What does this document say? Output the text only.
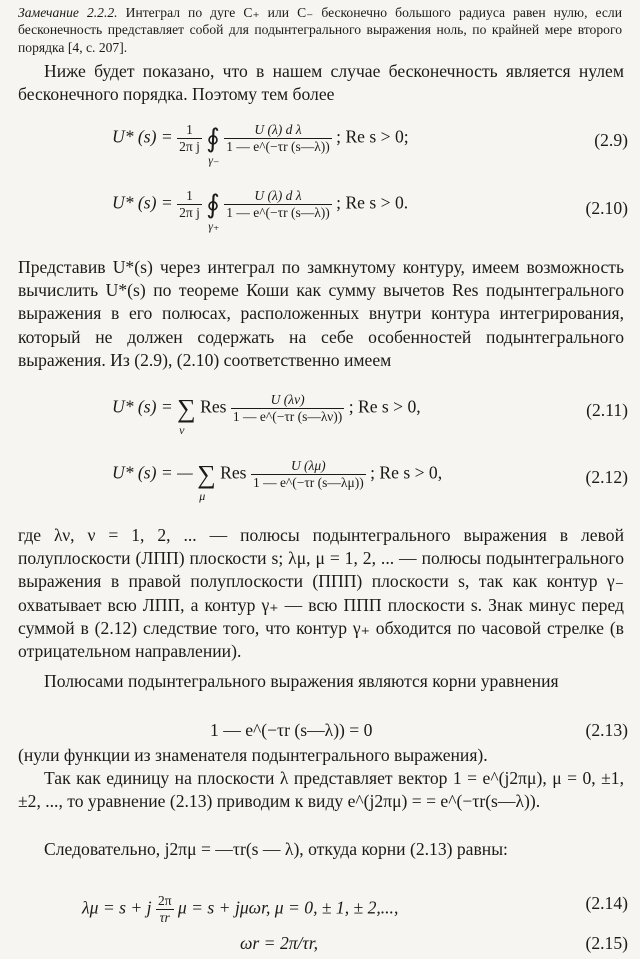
Замечание 2.2.2. Интеграл по дуге C₊ или C₋ бесконечно большого радиуса равен нулю, если бесконечность представляет собой для подынтегрального выражения ноль, по крайней мере второго порядка [4, с. 207].
Ниже будет показано, что в нашем случае бесконечность является нулем бесконечного порядка. Поэтому тем более
U* $(s) = \frac{1}{\text{2π j}}$
∮
γ₋

$\frac{\text{U (λ) d λ}}{1 — e\^{}(-\tau r (s—\lambda))}$ ; Re s > 0;	(2.9)
U* $(s) = \frac{1}{\text{2π j}}$
∮
γ₊

$\frac{\text{U (λ) d λ}}{1 — e\^{}(-\tau r (s—\lambda))}$ ; Re s > 0.	(2.10)
Представив U*(s) через интеграл по замкнутому контуру, имеем возможность вычислить U*(s) по теореме Коши как сумму вычетов Res подынтегрального выражения в его полюсах, расположенных внутри контура интегрирования, который не должен содержать на себе особенностей подынтегрального выражения. Из (2.9), (2.10) соответственно имеем
U* (s) = ∑
ν
Res $\frac{U (\lambda\nu)}{1 — e\^{}(-\tau r (s—\lambda\nu))}$ ; Re s > 0,	(2.11)
U* (s) = — ∑
μ
Res $\frac{U (\lambda\mu)}{1 — e\^{}(-\tau r (s—\lambda\mu))}$ ; Re s > 0,	(2.12)
где λν, ν = 1, 2, ... — полюсы подынтегрального выражения в левой полуплоскости (ЛПП) плоскости s; λμ, μ = 1, 2, ... — полюсы подынтегрального выражения в правой полуплоскости (ППП) плоскости s, так как контур γ₋ охватывает всю ЛПП, а контур γ₊ — всю ППП плоскости s. Знак минус перед суммой в (2.12) следствие того, что контур γ₊ обходится по часовой стрелке (в отрицательном направлении).
Полюсами подынтегрального выражения являются корни уравнения
1 — e^(−τr (s—λ)) = 0	(2.13)
(нули функции из знаменателя подынтегрального выражения).
Так как единицу на плоскости λ представляет вектор 1 = e^(j2πμ), μ = 0, ±1, ±2, ..., то уравнение (2.13) приводим к виду e^(j2πμ) = = e^(−τr(s—λ)).
Следовательно, j2πμ = —τr(s — λ), откуда корни (2.13) равны:
λμ = s + j $\frac{2\pi}{\tau r}$ μ = s + jμωr, μ = 0, ± 1, ± 2,...,	(2.14)
ωr = 2π/τr,	(2.15)
